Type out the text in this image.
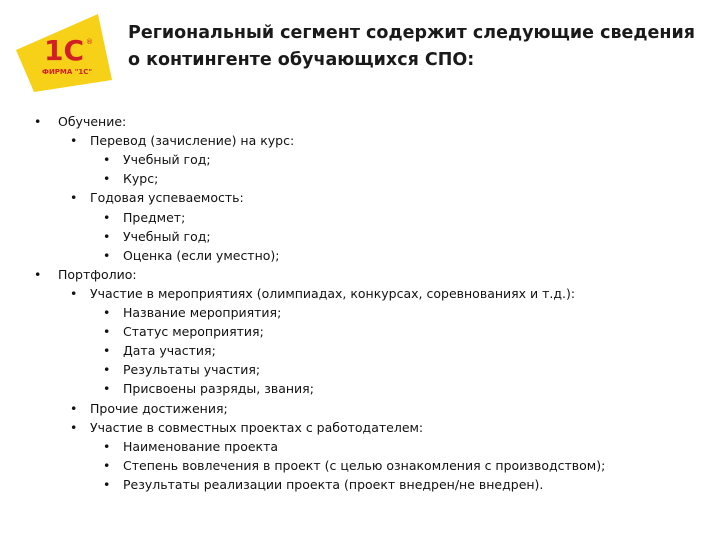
1С ®
ФИРМА "1С"
Региональный сегмент содержит следующие сведения
о контингенте обучающихся СПО:
• Обучение:
• Перевод (зачисление) на курс:
• Учебный год;
• Курс;
• Годовая успеваемость:
• Предмет;
• Учебный год;
• Оценка (если уместно);
• Портфолио:
• Участие в мероприятиях (олимпиадах, конкурсах, соревнованиях и т.д.):
• Название мероприятия;
• Статус мероприятия;
• Дата участия;
• Результаты участия;
• Присвоены разряды, звания;
• Прочие достижения;
• Участие в совместных проектах с работодателем:
• Наименование проекта
• Степень вовлечения в проект (с целью ознакомления с производством);
• Результаты реализации проекта (проект внедрен/не внедрен).
